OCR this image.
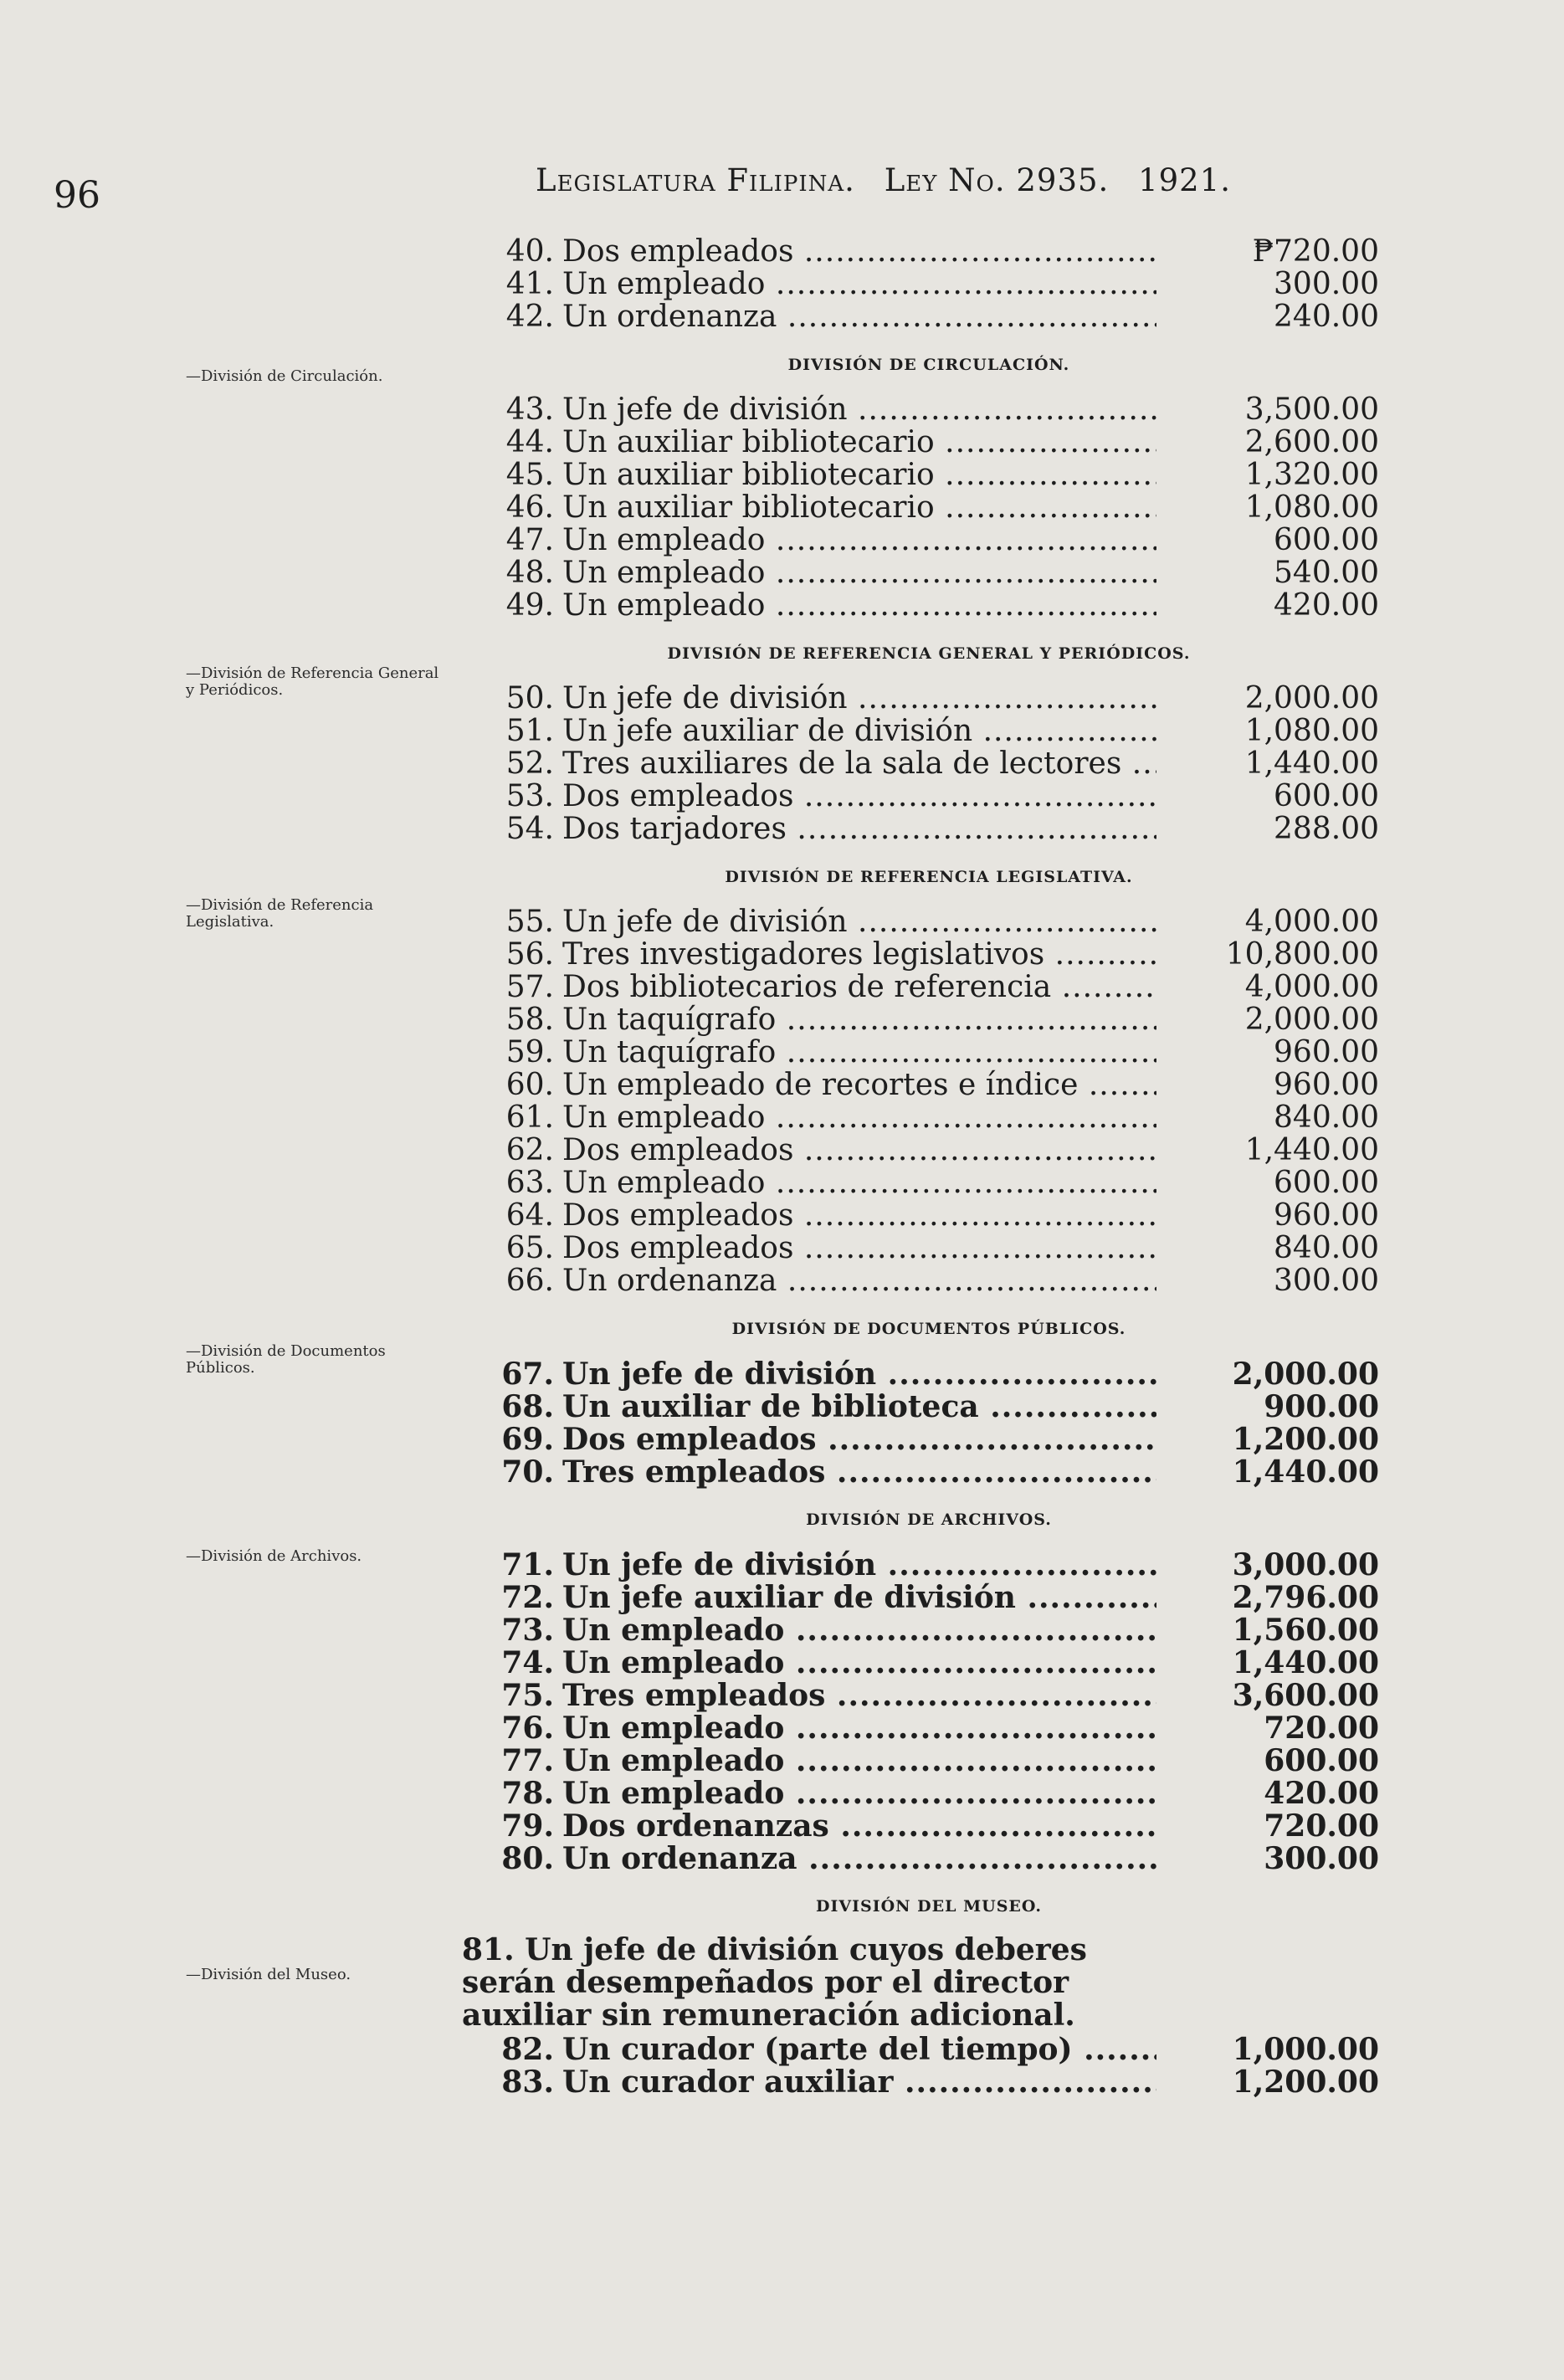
96	Legislatura Filipina. Ley No. 2935. 1921.
—División de Circulación.
—División de Referencia General y Periódicos.
—División de Referencia Legislativa.
—División de Documentos Públicos.
—División de Archivos.
—División del Museo.
40. Dos empleados .....	₱720.00
41. Un empleado .....	300.00
42. Un ordenanza .....	240.00
DIVISIÓN DE CIRCULACIÓN.
43. Un jefe de división .....	3,500.00
44. Un auxiliar bibliotecario .....	2,600.00
45. Un auxiliar bibliotecario .....	1,320.00
46. Un auxiliar bibliotecario .....	1,080.00
47. Un empleado .....	600.00
48. Un empleado .....	540.00
49. Un empleado .....	420.00
DIVISIÓN DE REFERENCIA GENERAL Y PERIÓDICOS.
50. Un jefe de división .....	2,000.00
51. Un jefe auxiliar de división .....	1,080.00
52. Tres auxiliares de la sala de lectores .....	1,440.00
53. Dos empleados .....	600.00
54. Dos tarjadores .....	288.00
DIVISIÓN DE REFERENCIA LEGISLATIVA.
55. Un jefe de división .....	4,000.00
56. Tres investigadores legislativos .....	10,800.00
57. Dos bibliotecarios de referencia .....	4,000.00
58. Un taquígrafo .....	2,000.00
59. Un taquígrafo .....	960.00
60. Un empleado de recortes e índice .....	960.00
61. Un empleado .....	840.00
62. Dos empleados .....	1,440.00
63. Un empleado .....	600.00
64. Dos empleados .....	960.00
65. Dos empleados .....	840.00
66. Un ordenanza .....	300.00
DIVISIÓN DE DOCUMENTOS PÚBLICOS.
67. Un jefe de división .....	2,000.00
68. Un auxiliar de biblioteca .....	900.00
69. Dos empleados .....	1,200.00
70. Tres empleados .....	1,440.00
DIVISIÓN DE ARCHIVOS.
71. Un jefe de división .....	3,000.00
72. Un jefe auxiliar de división .....	2,796.00
73. Un empleado .....	1,560.00
74. Un empleado .....	1,440.00
75. Tres empleados .....	3,600.00
76. Un empleado .....	720.00
77. Un empleado .....	600.00
78. Un empleado .....	420.00
79. Dos ordenanzas .....	720.00
80. Un ordenanza .....	300.00
DIVISIÓN DEL MUSEO.
81. Un jefe de división cuyos deberes serán desempeñados por el director auxiliar sin remuneración adicional.
82. Un curador (parte del tiempo) .....	1,000.00
83. Un curador auxiliar .....	1,200.00
